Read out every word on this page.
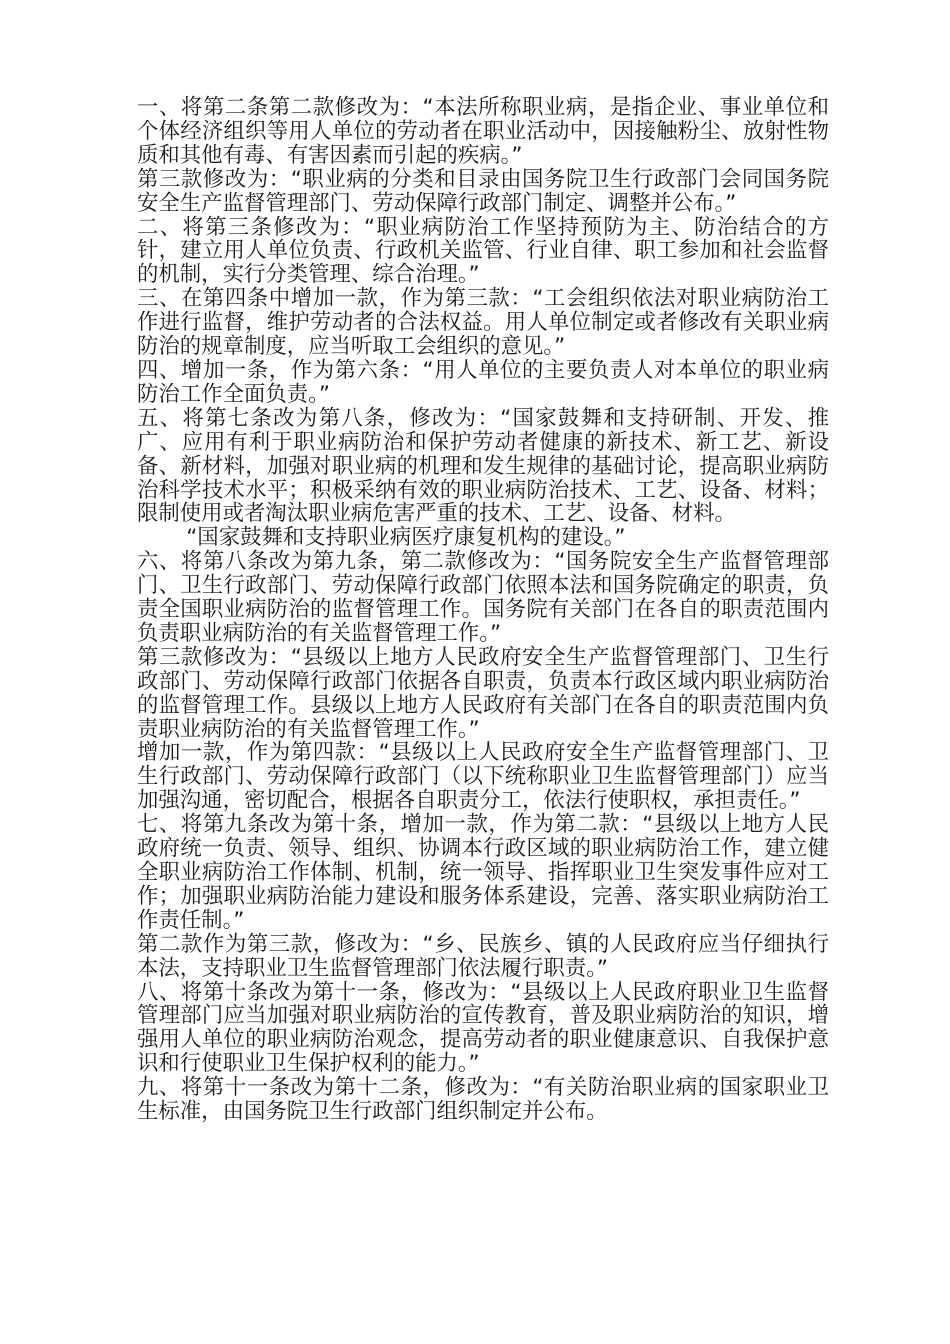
一、将第二条第二款修改为：“本法所称职业病，是指企业、事业单位和个体经济组织等用人单位的劳动者在职业活动中，因接触粉尘、放射性物质和其他有毒、有害因素而引起的疾病。”

第三款修改为：“职业病的分类和目录由国务院卫生行政部门会同国务院安全生产监督管理部门、劳动保障行政部门制定、调整并公布。”

二、将第三条修改为：“职业病防治工作坚持预防为主、防治结合的方针，建立用人单位负责、行政机关监管、行业自律、职工参加和社会监督的机制，实行分类管理、综合治理。”

三、在第四条中增加一款，作为第三款：“工会组织依法对职业病防治工作进行监督，维护劳动者的合法权益。用人单位制定或者修改有关职业病防治的规章制度，应当听取工会组织的意见。”

四、增加一条，作为第六条：“用人单位的主要负责人对本单位的职业病防治工作全面负责。”

五、将第七条改为第八条，修改为：“国家鼓舞和支持研制、开发、推广、应用有利于职业病防治和保护劳动者健康的新技术、新工艺、新设备、新材料，加强对职业病的机理和发生规律的基础讨论，提高职业病防治科学技术水平；积极采纳有效的职业病防治技术、工艺、设备、材料；限制使用或者淘汰职业病危害严重的技术、工艺、设备、材料。

“国家鼓舞和支持职业病医疗康复机构的建设。”

六、将第八条改为第九条，第二款修改为：“国务院安全生产监督管理部门、卫生行政部门、劳动保障行政部门依照本法和国务院确定的职责，负责全国职业病防治的监督管理工作。国务院有关部门在各自的职责范围内负责职业病防治的有关监督管理工作。”

第三款修改为：“县级以上地方人民政府安全生产监督管理部门、卫生行政部门、劳动保障行政部门依据各自职责，负责本行政区域内职业病防治的监督管理工作。县级以上地方人民政府有关部门在各自的职责范围内负责职业病防治的有关监督管理工作。”

增加一款，作为第四款：“县级以上人民政府安全生产监督管理部门、卫生行政部门、劳动保障行政部门（以下统称职业卫生监督管理部门）应当加强沟通，密切配合，根据各自职责分工，依法行使职权，承担责任。”

七、将第九条改为第十条，增加一款，作为第二款：“县级以上地方人民政府统一负责、领导、组织、协调本行政区域的职业病防治工作，建立健全职业病防治工作体制、机制，统一领导、指挥职业卫生突发事件应对工作；加强职业病防治能力建设和服务体系建设，完善、落实职业病防治工作责任制。”

第二款作为第三款，修改为：“乡、民族乡、镇的人民政府应当仔细执行本法，支持职业卫生监督管理部门依法履行职责。”

八、将第十条改为第十一条，修改为：“县级以上人民政府职业卫生监督管理部门应当加强对职业病防治的宣传教育，普及职业病防治的知识，增强用人单位的职业病防治观念，提高劳动者的职业健康意识、自我保护意识和行使职业卫生保护权利的能力。”

九、将第十一条改为第十二条，修改为：“有关防治职业病的国家职业卫生标准，由国务院卫生行政部门组织制定并公布。
